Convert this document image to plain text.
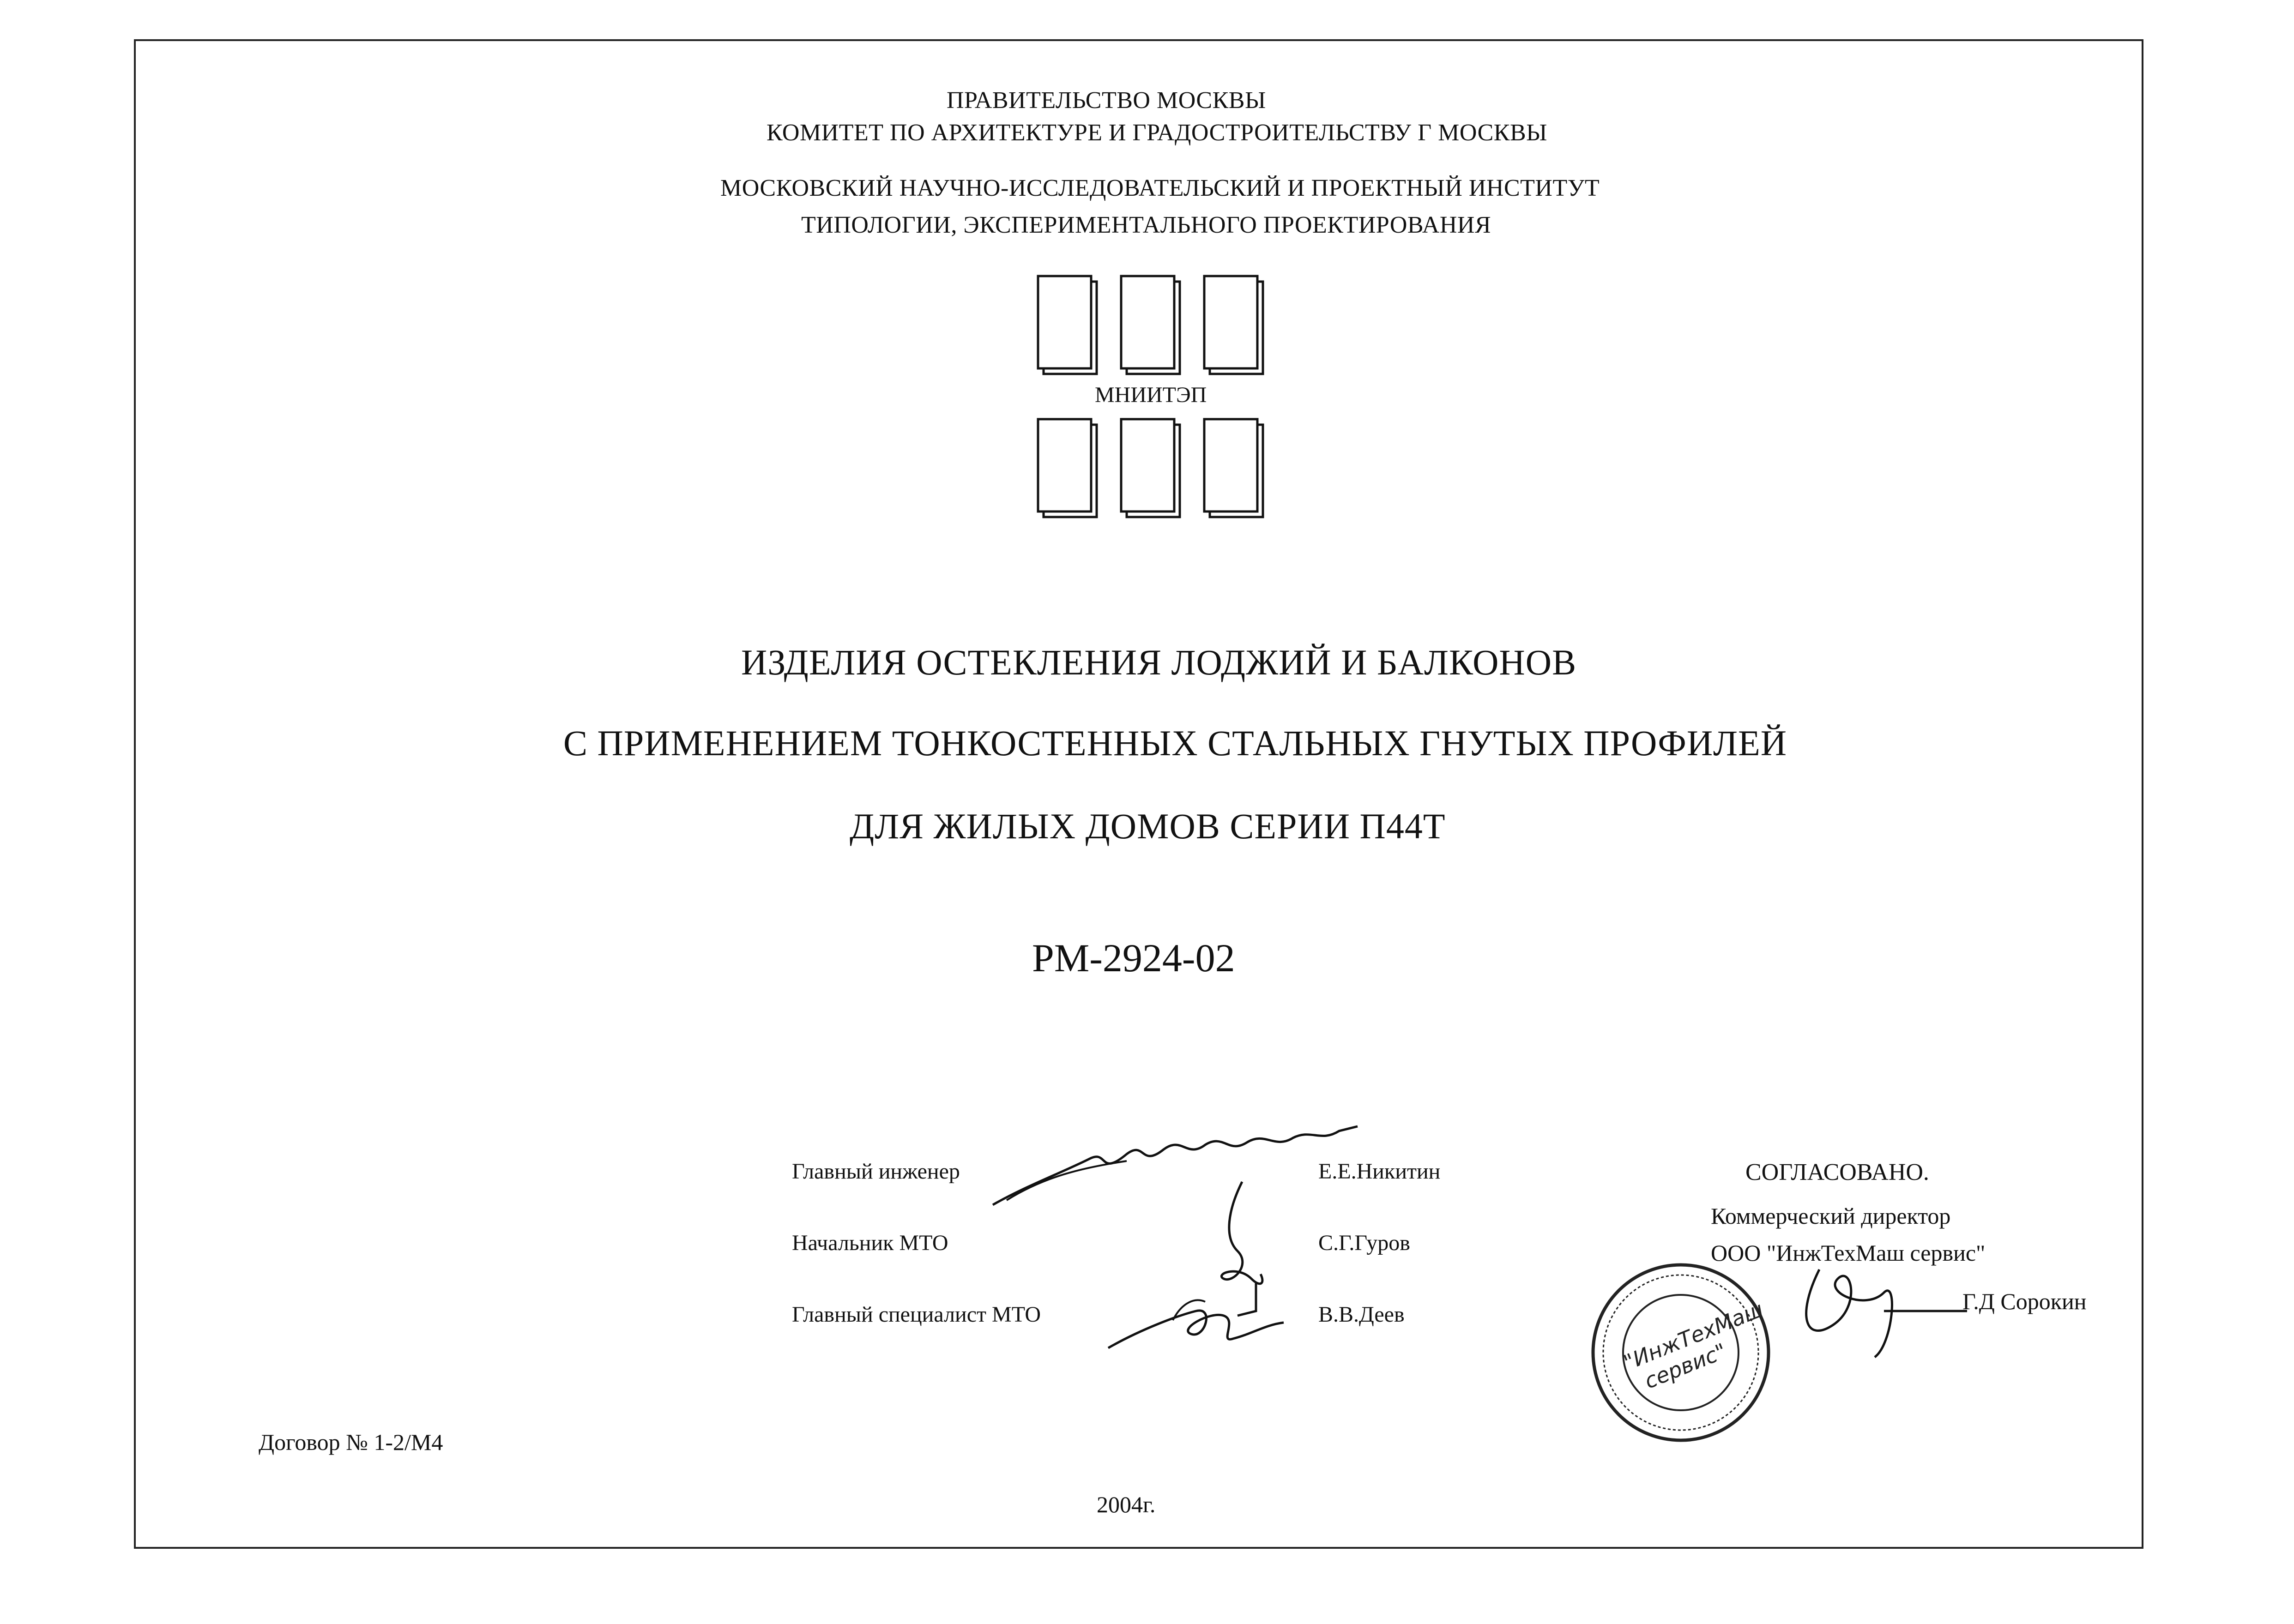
ПРАВИТЕЛЬСТВО МОСКВЫ
КОМИТЕТ ПО АРХИТЕКТУРЕ И ГРАДОСТРОИТЕЛЬСТВУ Г МОСКВЫ
МОСКОВСКИЙ НАУЧНО-ИССЛЕДОВАТЕЛЬСКИЙ И ПРОЕКТНЫЙ ИНСТИТУТ
ТИПОЛОГИИ, ЭКСПЕРИМЕНТАЛЬНОГО ПРОЕКТИРОВАНИЯ
МНИИТЭП
ИЗДЕЛИЯ ОСТЕКЛЕНИЯ ЛОДЖИЙ И БАЛКОНОВ
С ПРИМЕНЕНИЕМ ТОНКОСТЕННЫХ СТАЛЬНЫХ ГНУТЫХ ПРОФИЛЕЙ
ДЛЯ ЖИЛЫХ ДОМОВ СЕРИИ П44Т
РМ-2924-02
Главный инженер	Е.Е.Никитин
Начальник МТО	С.Г.Гуров
Главный специалист МТО	В.В.Деев
СОГЛАСОВАНО.
Коммерческий директор
ООО "ИнжТехМаш сервис"
Г.Д Сорокин
"ИнжТехМаш сервис"
Договор № 1-2/М4
2004г.
